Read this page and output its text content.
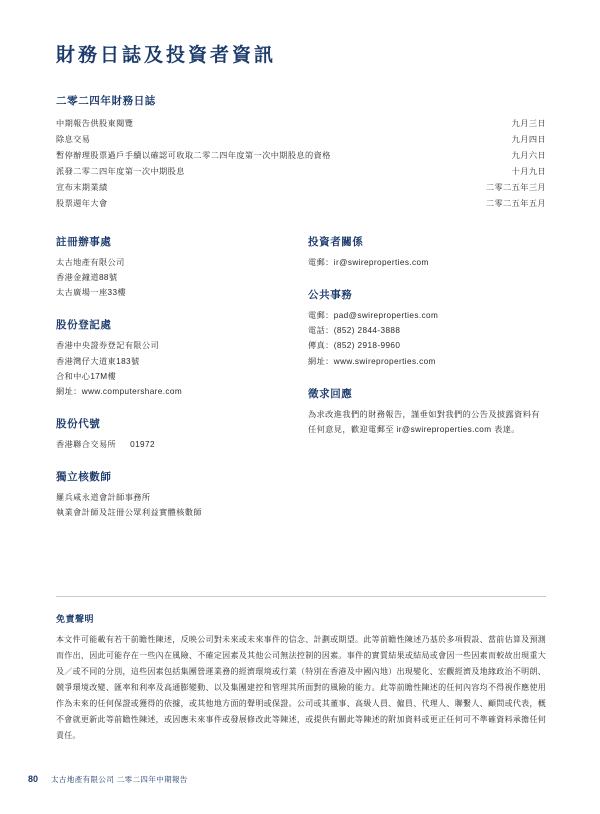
財務日誌及投資者資訊
二零二四年財務日誌
中期報告供股東閱覽	九月三日
除息交易	九月四日
暫停辦理股票過戶手續以確認可收取二零二四年度第一次中期股息的資格	九月六日
派發二零二四年度第一次中期股息	十月九日
宣布末期業績	二零二五年三月
股票週年大會	二零二五年五月
註冊辦事處

太古地產有限公司

香港金鐘道88號

太古廣場一座33樓

股份登記處

香港中央證券登記有限公司

香港灣仔大道東183號

合和中心17M樓

網址：www.computershare.com

股份代號

香港聯合交易所 01972

獨立核數師

羅兵咸永道會計師事務所

執業會計師及註冊公眾利益實體核數師

投資者關係

電郵：ir@swireproperties.com

公共事務

電郵：pad@swireproperties.com

電話：(852) 2844-3888

傳真：(852) 2918-9960

網址：www.swireproperties.com

徵求回應

為求改進我們的財務報告，謹垂如對我們的公告及披露資料有任何意見，歡迎電郵至 ir@swireproperties.com 表達。

免責聲明

本文件可能載有若干前瞻性陳述，反映公司對未來或未來事件的信念、計劃或期望。此等前瞻性陳述乃基於多項假設、當前估算及預測而作出，因此可能存在一些內在風險、不確定因素及其他公司無法控制的因素。事件的實質結果或結局或會因一些因素而較故出現重大及／或不同的分別，這些因素包括集團營運業務的經濟環境或行業（特別在香港及中國內地）出現變化、宏觀經濟及地緣政治不明朗、競爭環境改變、匯率和利率及高通膨變動、以及集團建控和管理其所面對的風險的能力。此等前瞻性陳述的任何內容均不得視作應使用作為未來的任何保證或獲得的依據，或其他地方面的聲明或保證。公司或其董事、高級人員、僱員、代理人、聯繫人、顧問或代表，概不會就更新此等前瞻性陳述，或因應未來事件或發展修改此等陳述，或提供有關此等陳述的附加資料或更正任何可不準確資料承擔任何責任。

80 太古地產有限公司 二零二四年中期報告
